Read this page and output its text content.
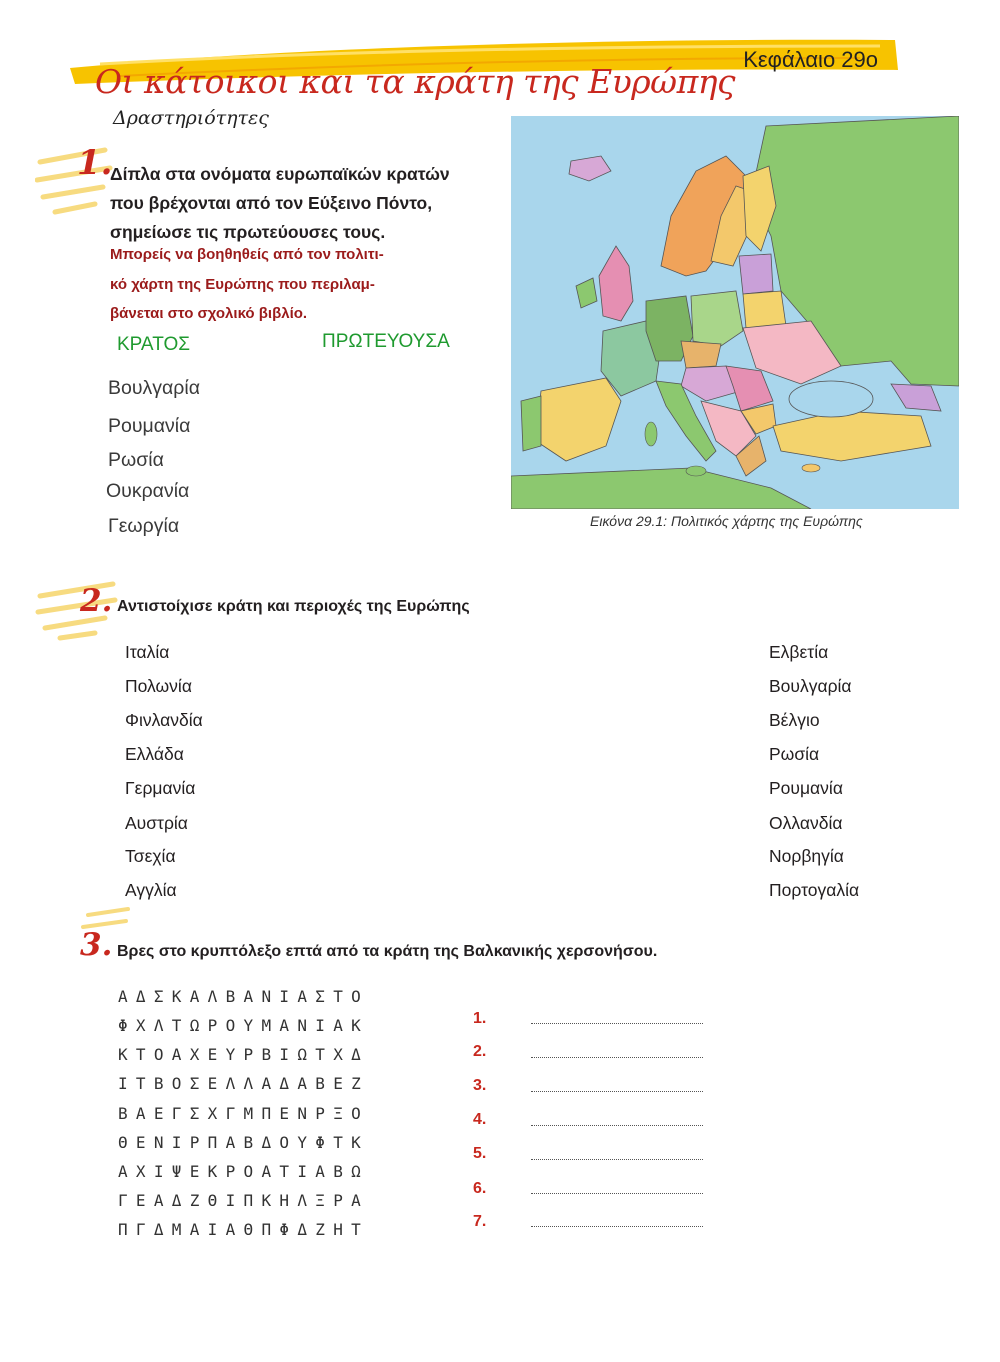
Κεφάλαιο 29ο
Οι κάτοικοι και τα κράτη της Ευρώπης
Δραστηριότητες
1.
Δίπλα στα ονόματα ευρωπαϊκών κρατών
που βρέχονται από τον Εύξεινο Πόντο,
σημείωσε τις πρωτεύουσες τους.
Μπορείς να βοηθηθείς από τον πολιτι-
κό χάρτη της Ευρώπης που περιλαμ-
βάνεται στο σχολικό βιβλίο.
ΚΡΑΤΟΣ	ΠΡΩΤΕΥΟΥΣΑ
Βουλγαρία
Ρουμανία
Ρωσία
Ουκρανία
Γεωργία	Εικόνα 29.1: Πολιτικός χάρτης της Ευρώπης
2. Αντιστοίχισε κράτη και περιοχές της Ευρώπης
Ιταλία
Πολωνία
Φινλανδία
Ελλάδα
Γερμανία
Αυστρία
Τσεχία
Αγγλία
Ελβετία
Βουλγαρία
Βέλγιο
Ρωσία
Ρουμανία
Ολλανδία
Νορβηγία
Πορτογαλία
3. Βρες στο κρυπτόλεξο επτά από τα κράτη της Βαλκανικής χερσονήσου.
ΑΔΣΚΑΛΒΑΝΙΑΣΤΟ
ΦΧΛΤΩΡΟΥΜΑΝΙΑΚ
ΚΤΟΑΧΕΥΡΒΙΩΤΧΔ
ΙΤΒΟΣΕΛΛΑΔΑΒΕΖ
ΒΑΕΓΣΧΓΜΠΕΝΡΞΟ
ΘΕΝΙΡΠΑΒΔΟΥΦΤΚ
ΑΧΙΨΕΚΡΟΑΤΙΑΒΩ
ΓΕΑΔΖΘΙΠΚΗΛΞΡΑ
ΠΓΔΜΑΙΑΘΠΦΔΖΗΤ
1.
2.
3.
4.
5.
6.
7.
